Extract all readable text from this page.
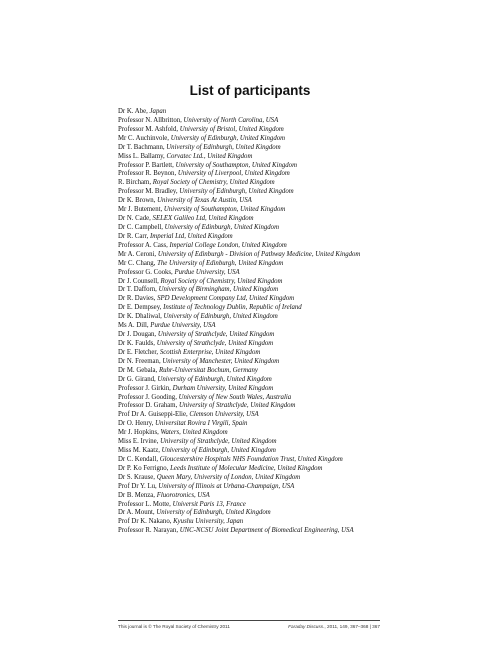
List of participants
Dr K. Abe, Japan
Professor N. Allbritton, University of North Carolina, USA
Professor M. Ashfold, University of Bristol, United Kingdom
Mr C. Auchinvole, University of Edinburgh, United Kingdom
Dr T. Bachmann, University of Edinburgh, United Kingdom
Miss L. Ballamy, Corvatec Ltd., United Kingdom
Professor P. Bartlett, University of Southampton, United Kingdom
Professor R. Beynon, University of Liverpool, United Kingdom
R. Bircham, Royal Society of Chemistry, United Kingdom
Professor M. Bradley, University of Edinburgh, United Kingdom
Dr K. Brown, University of Texas At Austin, USA
Mr J. Butement, University of Southampton, United Kingdom
Dr N. Cade, SELEX Galileo Ltd, United Kingdom
Dr C. Campbell, University of Edinburgh, United Kingdom
Dr R. Carr, Imperial Ltd, United Kingdom
Professor A. Cass, Imperial College London, United Kingdom
Mr A. Ceroni, University of Edinburgh - Division of Pathway Medicine, United Kingdom
Mr C. Chang, The University of Edinburgh, United Kingdom
Professor G. Cooks, Purdue University, USA
Dr J. Counsell, Royal Society of Chemistry, United Kingdom
Dr T. Dafforn, University of Birmingham, United Kingdom
Dr R. Davies, SPD Development Company Ltd, United Kingdom
Dr E. Dempsey, Institute of Technology Dublin, Republic of Ireland
Dr K. Dhaliwal, University of Edinburgh, United Kingdom
Ms A. Dill, Purdue University, USA
Dr J. Dougan, University of Strathclyde, United Kingdom
Dr K. Faulds, University of Strathclyde, United Kingdom
Dr E. Fletcher, Scottish Enterprise, United Kingdom
Dr N. Freeman, University of Manchester, United Kingdom
Dr M. Gebala, Ruhr-Universitat Bochum, Germany
Dr G. Girand, University of Edinburgh, United Kingdom
Professor J. Girkin, Durham University, United Kingdom
Professor J. Gooding, University of New South Wales, Australia
Professor D. Graham, University of Strathclyde, United Kingdom
Prof Dr A. Guiseppi-Elie, Clemson University, USA
Dr O. Henry, Universitat Rovira I Virgili, Spain
Mr J. Hopkins, Waters, United Kingdom
Miss E. Irvine, University of Strathclyde, United Kingdom
Miss M. Kaatz, University of Edinburgh, United Kingdom
Dr C. Kendall, Gloucestershire Hospitals NHS Foundation Trust, United Kingdom
Dr P. Ko Ferrigno, Leeds Institute of Molecular Medicine, United Kingdom
Dr S. Krause, Queen Mary, University of London, United Kingdom
Prof Dr Y. Lu, University of Illinois at Urbana-Champaign, USA
Dr B. Menza, Fluorotronics, USA
Professor L. Motte, Universit Paris 13, France
Dr A. Mount, University of Edinburgh, United Kingdom
Prof Dr K. Nakano, Kyushu University, Japan
Professor R. Narayan, UNC-NCSU Joint Department of Biomedical Engineering, USA
This journal is © The Royal Society of Chemistry 2011	Faraday Discuss., 2011, 149, 367–368 | 367
